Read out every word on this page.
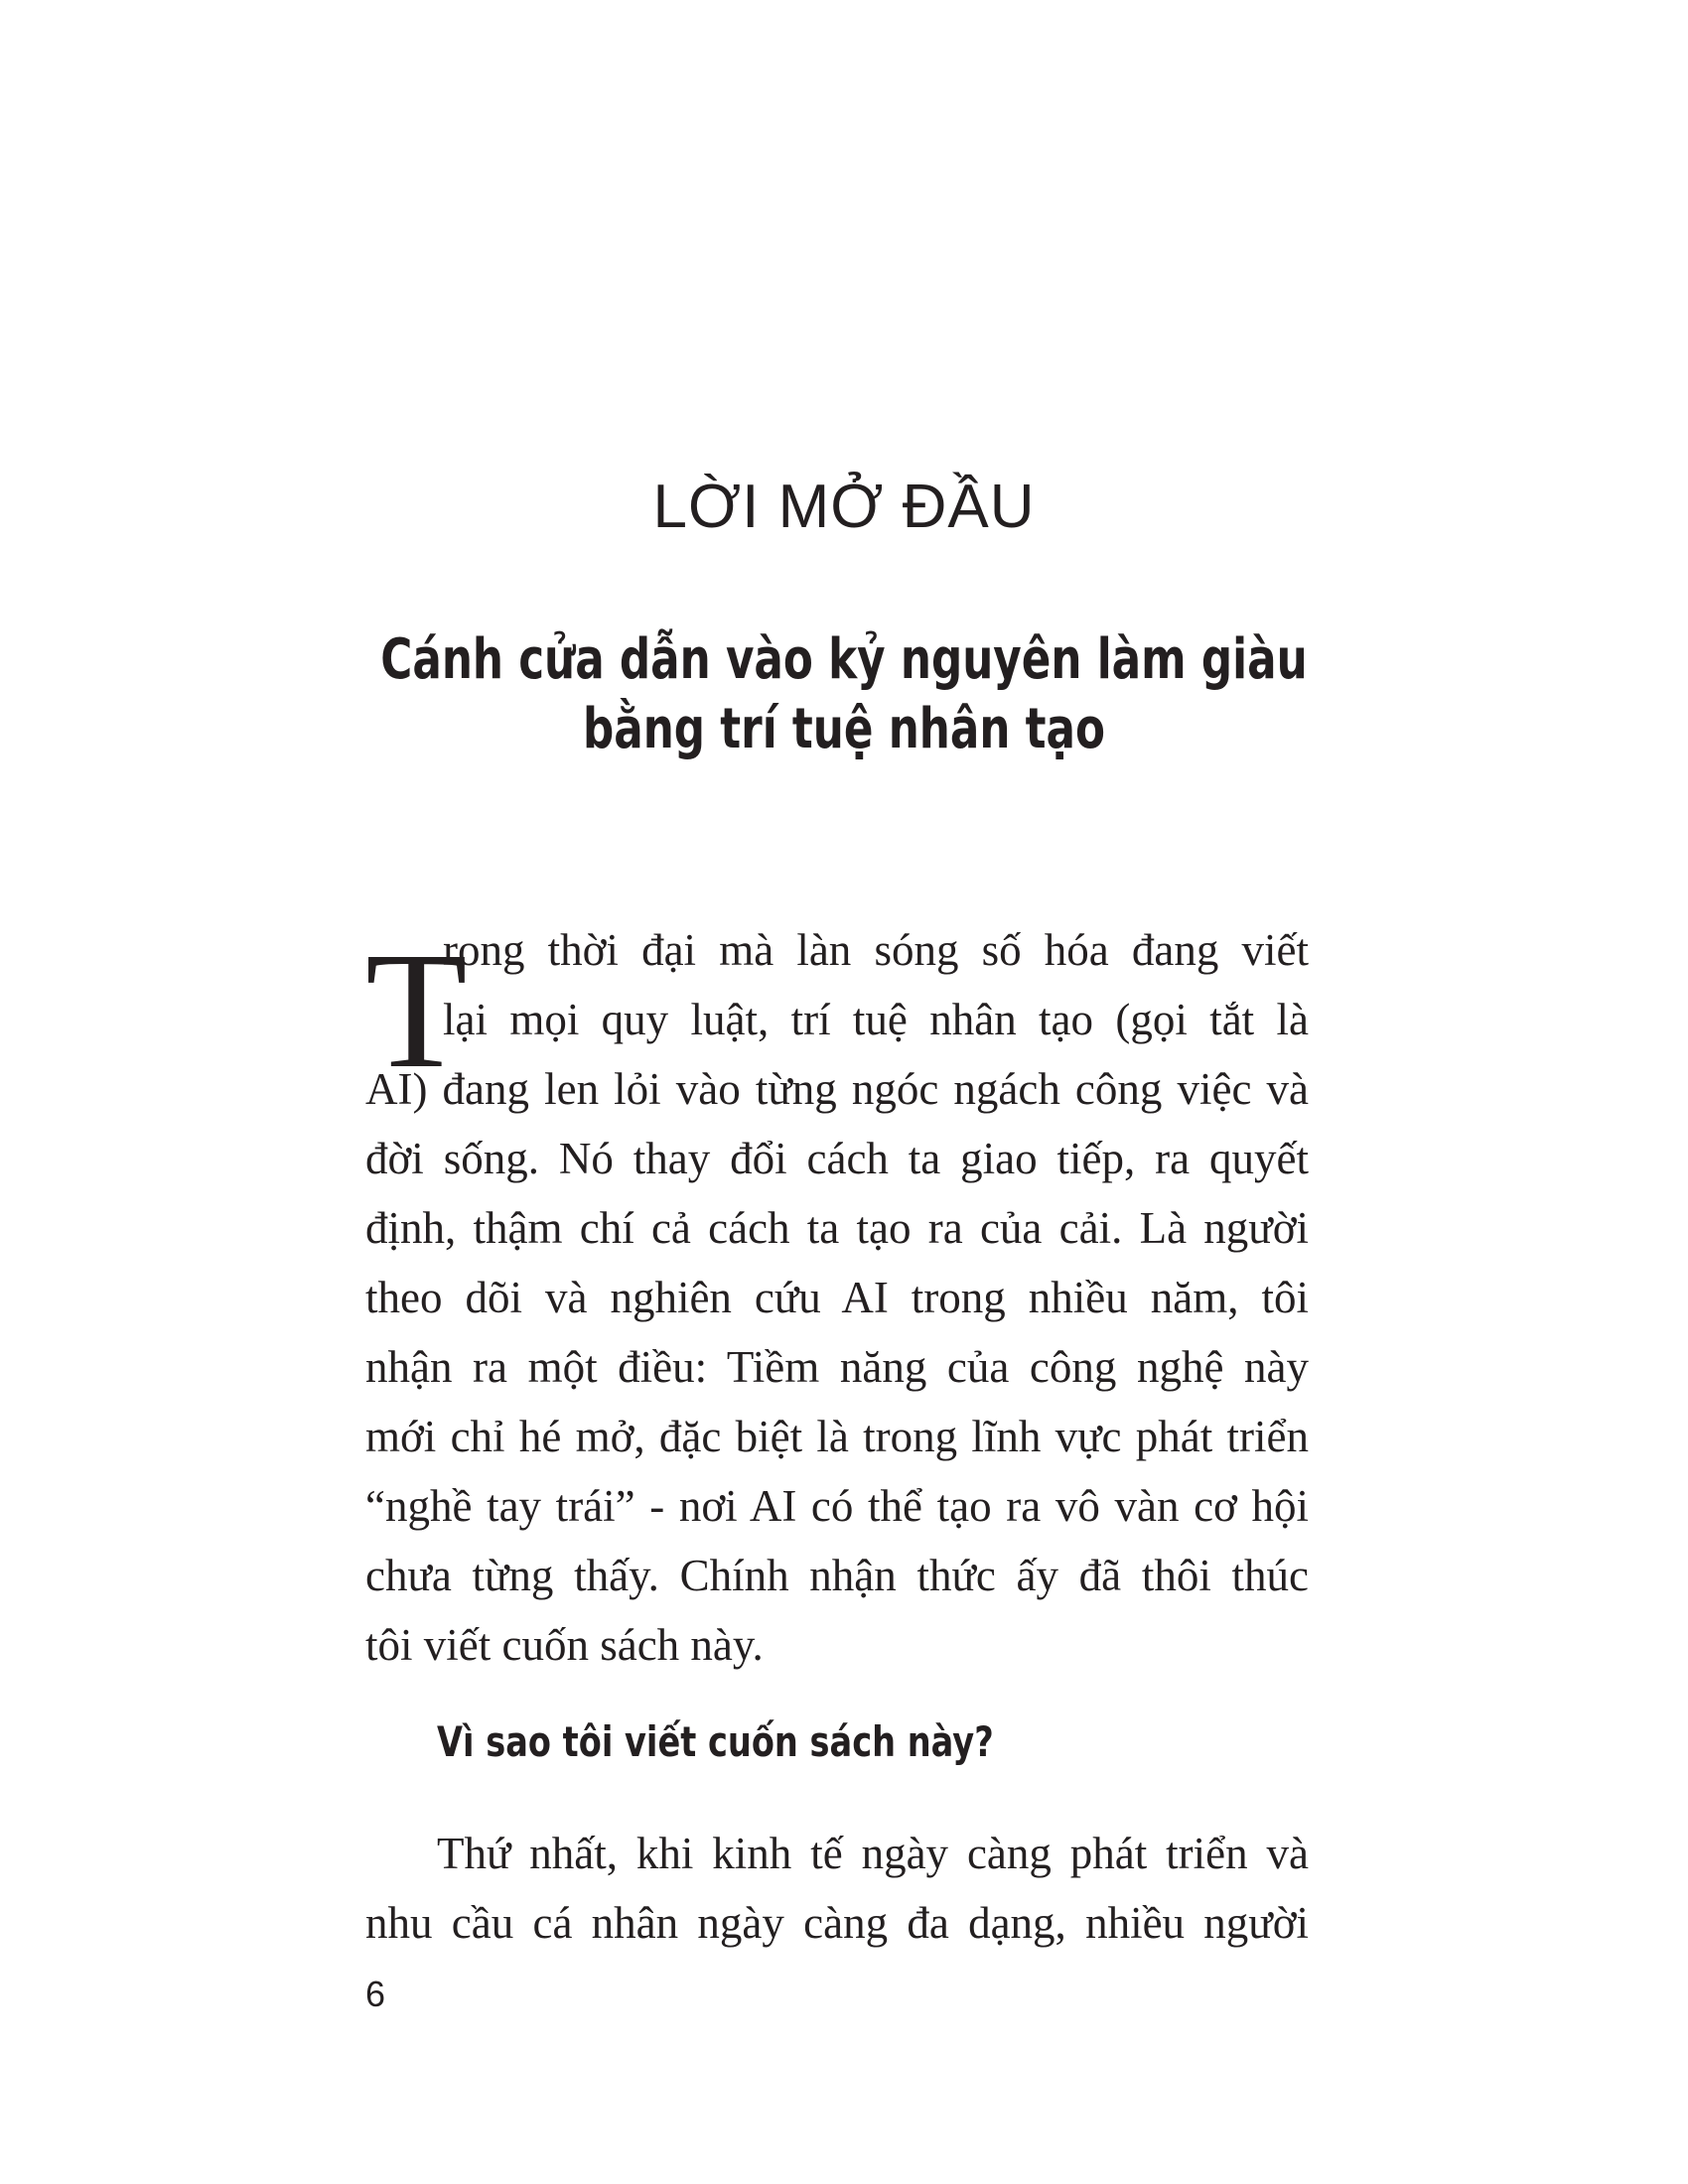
LỜI MỞ ĐẦU
Cánh cửa dẫn vào kỷ nguyên làm giàu
bằng trí tuệ nhân tạo
T

rong thời đại mà làn sóng số hóa đang viết
lại mọi quy luật, trí tuệ nhân tạo (gọi tắt là
AI) đang len lỏi vào từng ngóc ngách công việc và
đời sống. Nó thay đổi cách ta giao tiếp, ra quyết
định, thậm chí cả cách ta tạo ra của cải. Là người
theo dõi và nghiên cứu AI trong nhiều năm, tôi
nhận ra một điều: Tiềm năng của công nghệ này
mới chỉ hé mở, đặc biệt là trong lĩnh vực phát triển
“nghề tay trái” - nơi AI có thể tạo ra vô vàn cơ hội
chưa từng thấy. Chính nhận thức ấy đã thôi thúc
tôi viết cuốn sách này.

Vì sao tôi viết cuốn sách này?
Thứ nhất, khi kinh tế ngày càng phát triển và
nhu cầu cá nhân ngày càng đa dạng, nhiều người

6
